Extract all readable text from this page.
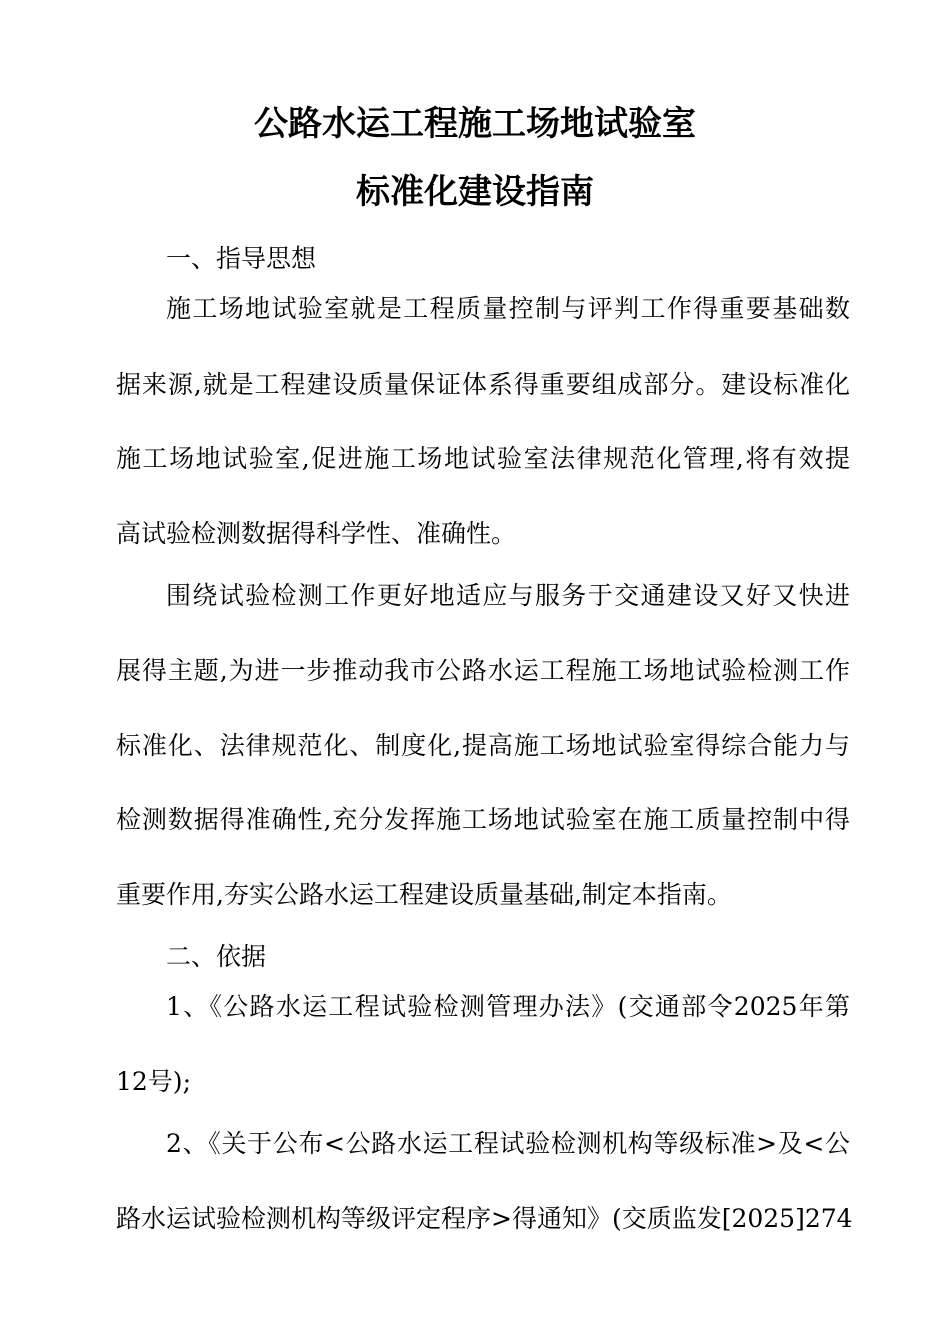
公路水运工程施工场地试验室
标准化建设指南
一、指导思想
施工场地试验室就是工程质量控制与评判工作得重要基础数
据来源,就是工程建设质量保证体系得重要组成部分。建设标准化
施工场地试验室,促进施工场地试验室法律规范化管理,将有效提
高试验检测数据得科学性、准确性。
围绕试验检测工作更好地适应与服务于交通建设又好又快进
展得主题,为进一步推动我市公路水运工程施工场地试验检测工作
标准化、法律规范化、制度化,提高施工场地试验室得综合能力与
检测数据得准确性,充分发挥施工场地试验室在施工质量控制中得
重要作用,夯实公路水运工程建设质量基础,制定本指南。
二、依据
1、《公路水运工程试验检测管理办法》(交通部令2025年第
12号);
2、《关于公布<公路水运工程试验检测机构等级标准>及<公
路水运试验检测机构等级评定程序>得通知》(交质监发[2025]274
